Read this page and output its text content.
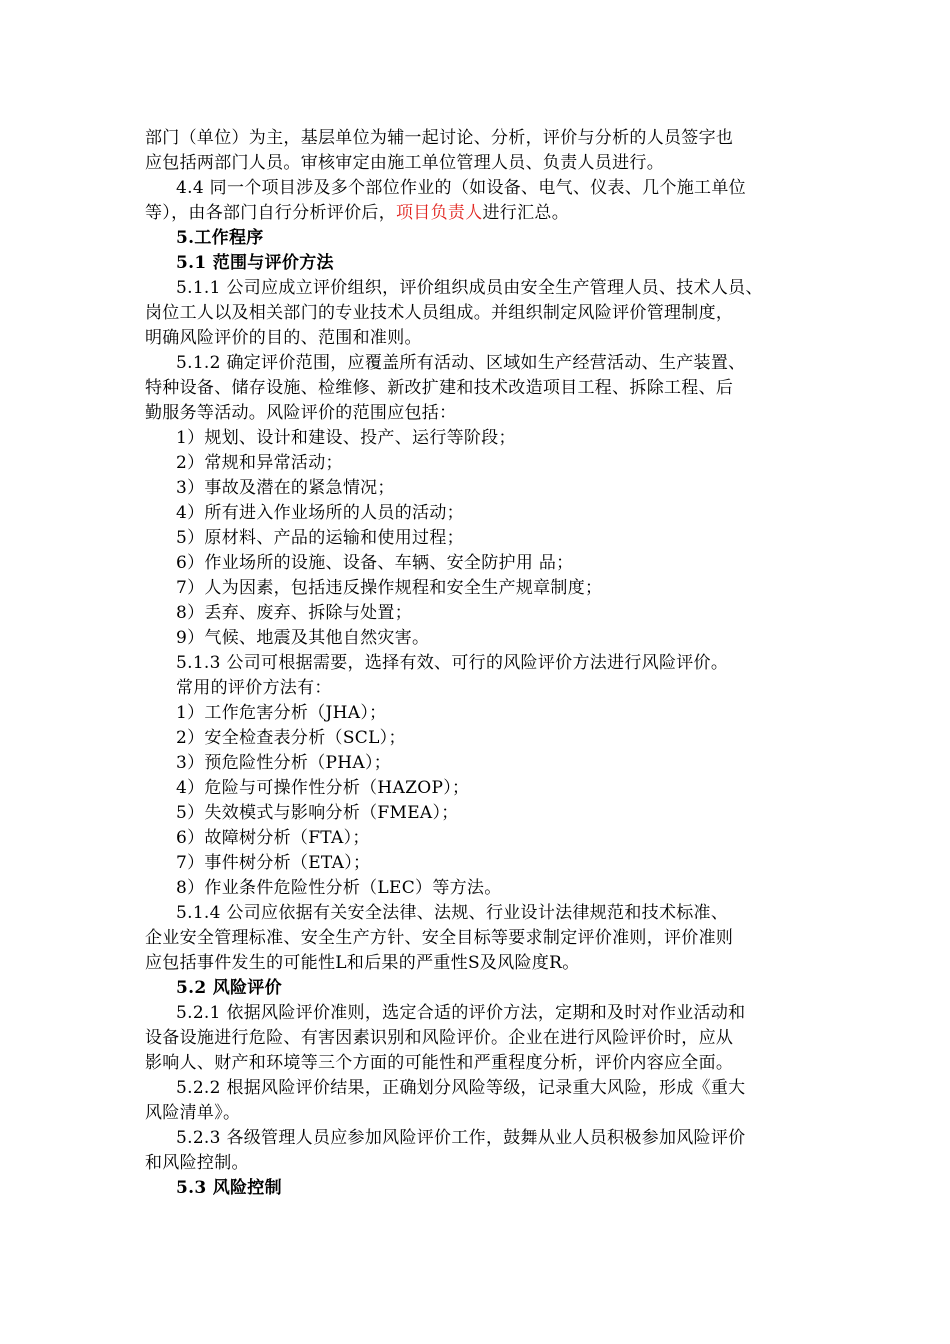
部门（单位）为主，基层单位为辅一起讨论、分析，评价与分析的人员签字也
应包括两部门人员。审核审定由施工单位管理人员、负责人员进行。
4.4 同一个项目涉及多个部位作业的（如设备、电气、仪表、几个施工单位
等），由各部门自行分析评价后，项目负责人进行汇总。
5.工作程序
5.1 范围与评价方法
5.1.1 公司应成立评价组织，评价组织成员由安全生产管理人员、技术人员、
岗位工人以及相关部门的专业技术人员组成。并组织制定风险评价管理制度，
明确风险评价的目的、范围和准则。
5.1.2 确定评价范围，应覆盖所有活动、区域如生产经营活动、生产装置、
特种设备、储存设施、检维修、新改扩建和技术改造项目工程、拆除工程、后
勤服务等活动。风险评价的范围应包括：
1）规划、设计和建设、投产、运行等阶段；
2）常规和异常活动；
3）事故及潜在的紧急情况；
4）所有进入作业场所的人员的活动；
5）原材料、产品的运输和使用过程；
6）作业场所的设施、设备、车辆、安全防护用 品；
7）人为因素，包括违反操作规程和安全生产规章制度；
8）丢弃、废弃、拆除与处置；
9）气候、地震及其他自然灾害。
5.1.3 公司可根据需要，选择有效、可行的风险评价方法进行风险评价。
常用的评价方法有：
1）工作危害分析（JHA）；
2）安全检查表分析（SCL）；
3）预危险性分析（PHA）；
4）危险与可操作性分析（HAZOP）；
5）失效模式与影响分析（FMEA）；
6）故障树分析（FTA）；
7）事件树分析（ETA）；
8）作业条件危险性分析（LEC）等方法。
5.1.4 公司应依据有关安全法律、法规、行业设计法律规范和技术标准、
企业安全管理标准、安全生产方针、安全目标等要求制定评价准则，评价准则
应包括事件发生的可能性L和后果的严重性S及风险度R。
5.2 风险评价
5.2.1 依据风险评价准则，选定合适的评价方法，定期和及时对作业活动和
设备设施进行危险、有害因素识别和风险评价。企业在进行风险评价时，应从
影响人、财产和环境等三个方面的可能性和严重程度分析，评价内容应全面。
5.2.2 根据风险评价结果，正确划分风险等级，记录重大风险，形成《重大
风险清单》。
5.2.3 各级管理人员应参加风险评价工作，鼓舞从业人员积极参加风险评价
和风险控制。
5.3 风险控制
